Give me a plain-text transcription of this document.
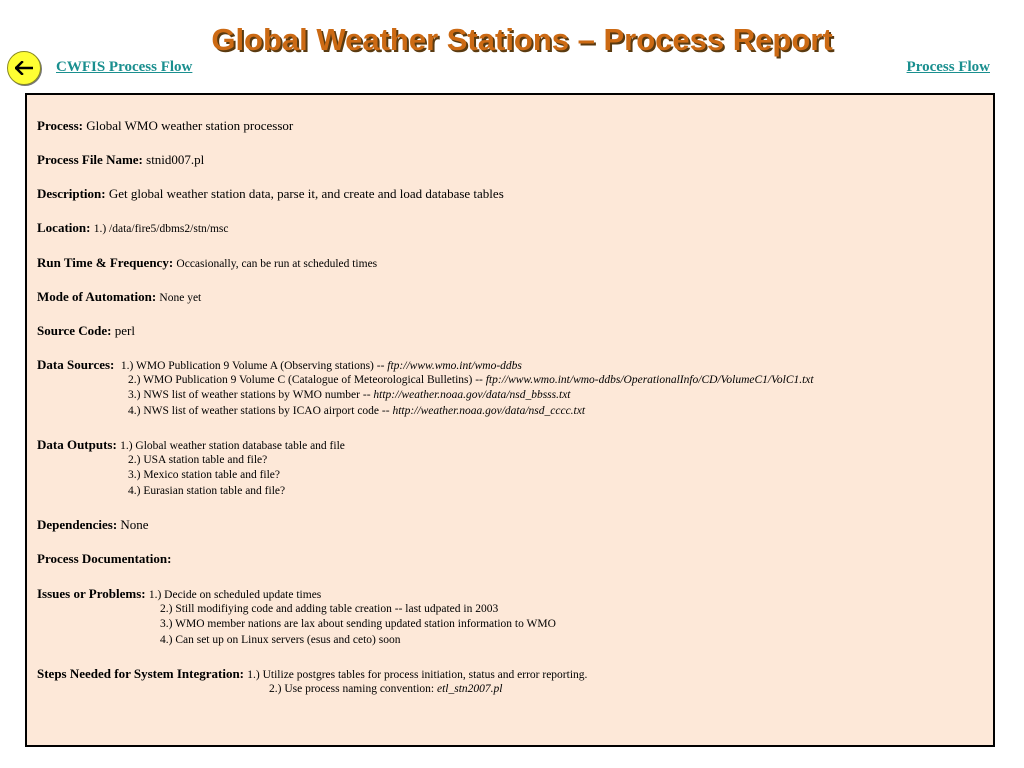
Global Weather Stations – Process Report
CWFIS Process Flow	Process Flow
Process: Global WMO weather station processor
Process File Name: stnid007.pl
Description: Get global weather station data, parse it, and create and load database tables
Location: 1.) /data/fire5/dbms2/stn/msc
Run Time & Frequency: Occasionally, can be run at scheduled times
Mode of Automation: None yet
Source Code: perl
Data Sources: 1.) WMO Publication 9 Volume A (Observing stations) -- ftp://www.wmo.int/wmo-ddbs
2.) WMO Publication 9 Volume C (Catalogue of Meteorological Bulletins) -- ftp://www.wmo.int/wmo-ddbs/OperationalInfo/CD/VolumeC1/VolC1.txt
3.) NWS list of weather stations by WMO number -- http://weather.noaa.gov/data/nsd_bbsss.txt
4.) NWS list of weather stations by ICAO airport code -- http://weather.noaa.gov/data/nsd_cccc.txt
Data Outputs: 1.) Global weather station database table and file
2.) USA station table and file?
3.) Mexico station table and file?
4.) Eurasian station table and file?
Dependencies: None
Process Documentation:
Issues or Problems: 1.) Decide on scheduled update times
2.) Still modifiying code and adding table creation -- last udpated in 2003
3.) WMO member nations are lax about sending updated station information to WMO
4.) Can set up on Linux servers (esus and ceto) soon
Steps Needed for System Integration: 1.) Utilize postgres tables for process initiation, status and error reporting.
2.) Use process naming convention: etl_stn2007.pl
